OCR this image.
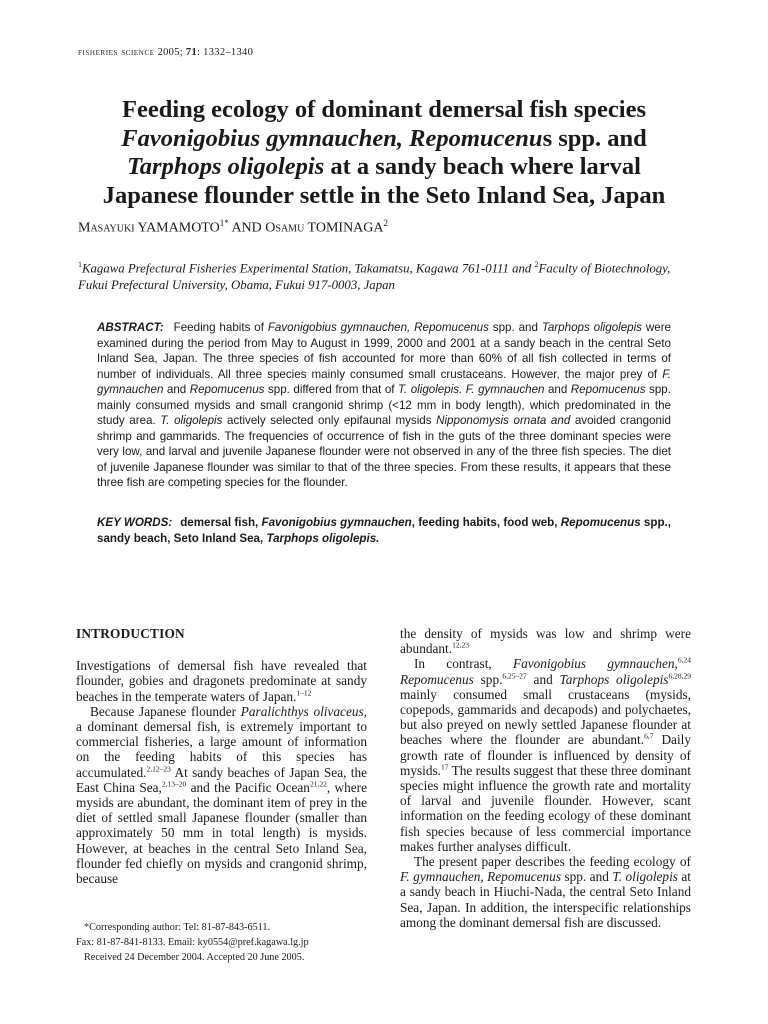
fisheries science 2005; 71: 1332–1340
Feeding ecology of dominant demersal fish species
Favonigobius gymnauchen, Repomucenus spp. and
Tarphops oligolepis at a sandy beach where larval
Japanese flounder settle in the Seto Inland Sea, Japan
Masayuki $YAMAMOTO^{1*}$ AND Osamu TOMINAGA$^2$
$^1$Kagawa Prefectural Fisheries Experimental Station, Takamatsu, Kagawa 761-0111 and $^2$Faculty of Biotechnology, Fukui Prefectural University, Obama, Fukui 917-0003, Japan

ABSTRACT: Feeding habits of Favonigobius gymnauchen, Repomucenus spp. and Tarphops oligolepis were examined during the period from May to August in 1999, 2000 and 2001 at a sandy beach in the central Seto Inland Sea, Japan. The three species of fish accounted for more than 60% of all fish collected in terms of number of individuals. All three species mainly consumed small crustaceans. However, the major prey of F. gymnauchen and Repomucenus spp. differed from that of T. oligolepis. F. gymnauchen and Repomucenus spp. mainly consumed mysids and small crangonid shrimp (<12 mm in body length), which predominated in the study area. T. oligolepis actively selected only epifaunal mysids Nipponomysis ornata and avoided crangonid shrimp and gammarids. The frequencies of occurrence of fish in the guts of the three dominant species were very low, and larval and juvenile Japanese flounder were not observed in any of the three fish species. The diet of juvenile Japanese flounder was similar to that of the three species. From these results, it appears that these three fish are competing species for the flounder.

KEY WORDS: demersal fish, Favonigobius gymnauchen, feeding habits, food web, Repomucenus spp., sandy beach, Seto Inland Sea, Tarphops oligolepis.

INTRODUCTION

Investigations of demersal fish have revealed that flounder, gobies and dragonets predominate at sandy beaches in the temperate waters of Japan.$^{1-12}$

Because Japanese flounder Paralichthys olivaceus, a dominant demersal fish, is extremely important to commercial fisheries, a large amount of information on the feeding habits of this species has accumulated.$^{2,12-23}$ At sandy beaches of Japan Sea, the East China Sea,$^{2,13-20}$ and the Pacific Ocean$^{21,22}$, where mysids are abundant, the dominant item of prey in the diet of settled small Japanese flounder (smaller than approximately 50 mm in total length) is mysids. However, at beaches in the central Seto Inland Sea, flounder fed chiefly on mysids and crangonid shrimp, because

the density of mysids was low and shrimp were abundant.$^{12,23}$

In contrast, Favonigobius gymnauchen,$^{6,24}$ Repomucenus spp.$^{6,25-27}$ and Tarphops oligolepis$^{6,28,29}$ mainly consumed small crustaceans (mysids, copepods, gammarids and decapods) and polychaetes, but also preyed on newly settled Japanese flounder at beaches where the flounder are abundant.$^{6,7}$ Daily growth rate of flounder is influenced by density of mysids.$^{17}$ The results suggest that these three dominant species might influence the growth rate and mortality of larval and juvenile flounder. However, scant information on the feeding ecology of these dominant fish species because of less commercial importance makes further analyses difficult.

The present paper describes the feeding ecology of F. gymnauchen, Repomucenus spp. and T. oligolepis at a sandy beach in Hiuchi-Nada, the central Seto Inland Sea, Japan. In addition, the interspecific relationships among the dominant demersal fish are discussed.

*Corresponding author: Tel: 81-87-843-6511.
Fax: 81-87-841-8133. Email: ky0554@pref.kagawa.lg.jp
Received 24 December 2004. Accepted 20 June 2005.
